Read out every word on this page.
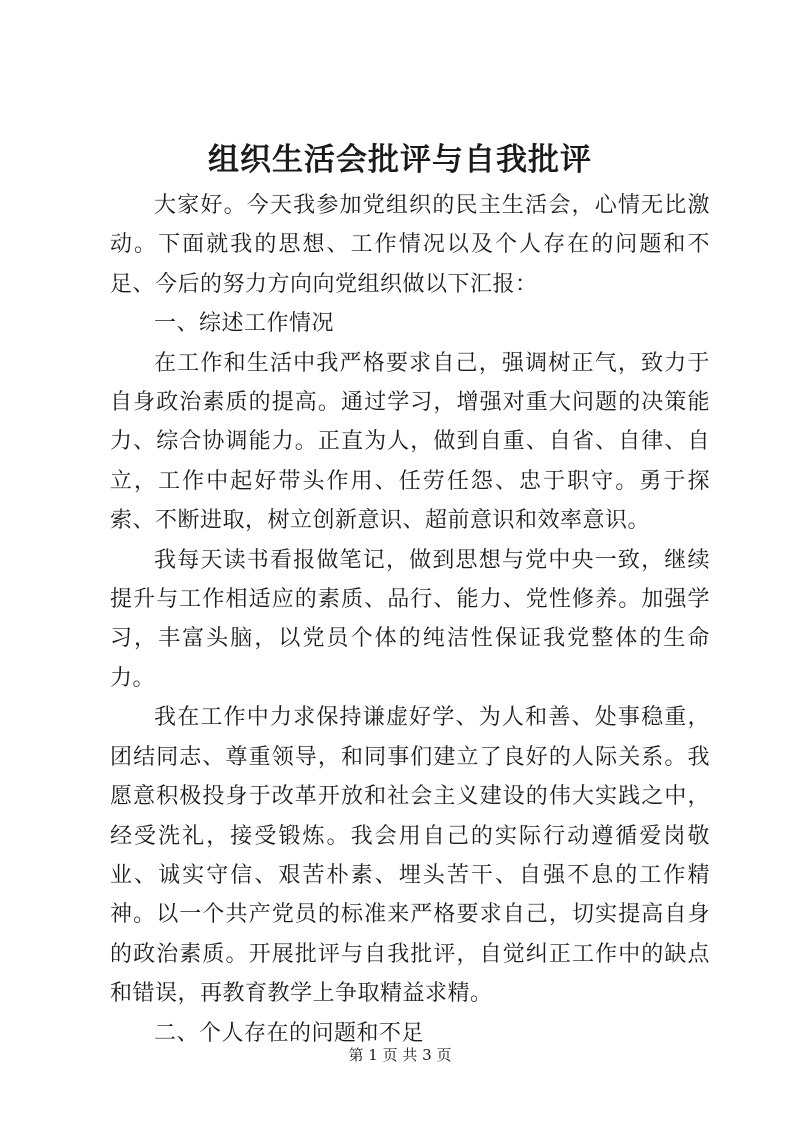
组织生活会批评与自我批评

大家好。今天我参加党组织的民主生活会，心情无比激动。下面就我的思想、工作情况以及个人存在的问题和不足、今后的努力方向向党组织做以下汇报：

一、综述工作情况

在工作和生活中我严格要求自己，强调树正气，致力于自身政治素质的提高。通过学习，增强对重大问题的决策能力、综合协调能力。正直为人，做到自重、自省、自律、自立，工作中起好带头作用、任劳任怨、忠于职守。勇于探索、不断进取，树立创新意识、超前意识和效率意识。

我每天读书看报做笔记，做到思想与党中央一致，继续提升与工作相适应的素质、品行、能力、党性修养。加强学习，丰富头脑，以党员个体的纯洁性保证我党整体的生命力。

我在工作中力求保持谦虚好学、为人和善、处事稳重，团结同志、尊重领导，和同事们建立了良好的人际关系。我愿意积极投身于改革开放和社会主义建设的伟大实践之中，经受洗礼，接受锻炼。我会用自己的实际行动遵循爱岗敬业、诚实守信、艰苦朴素、埋头苦干、自强不息的工作精神。以一个共产党员的标准来严格要求自己，切实提高自身的政治素质。开展批评与自我批评，自觉纠正工作中的缺点和错误，再教育教学上争取精益求精。

二、个人存在的问题和不足

第 1 页 共 3 页
